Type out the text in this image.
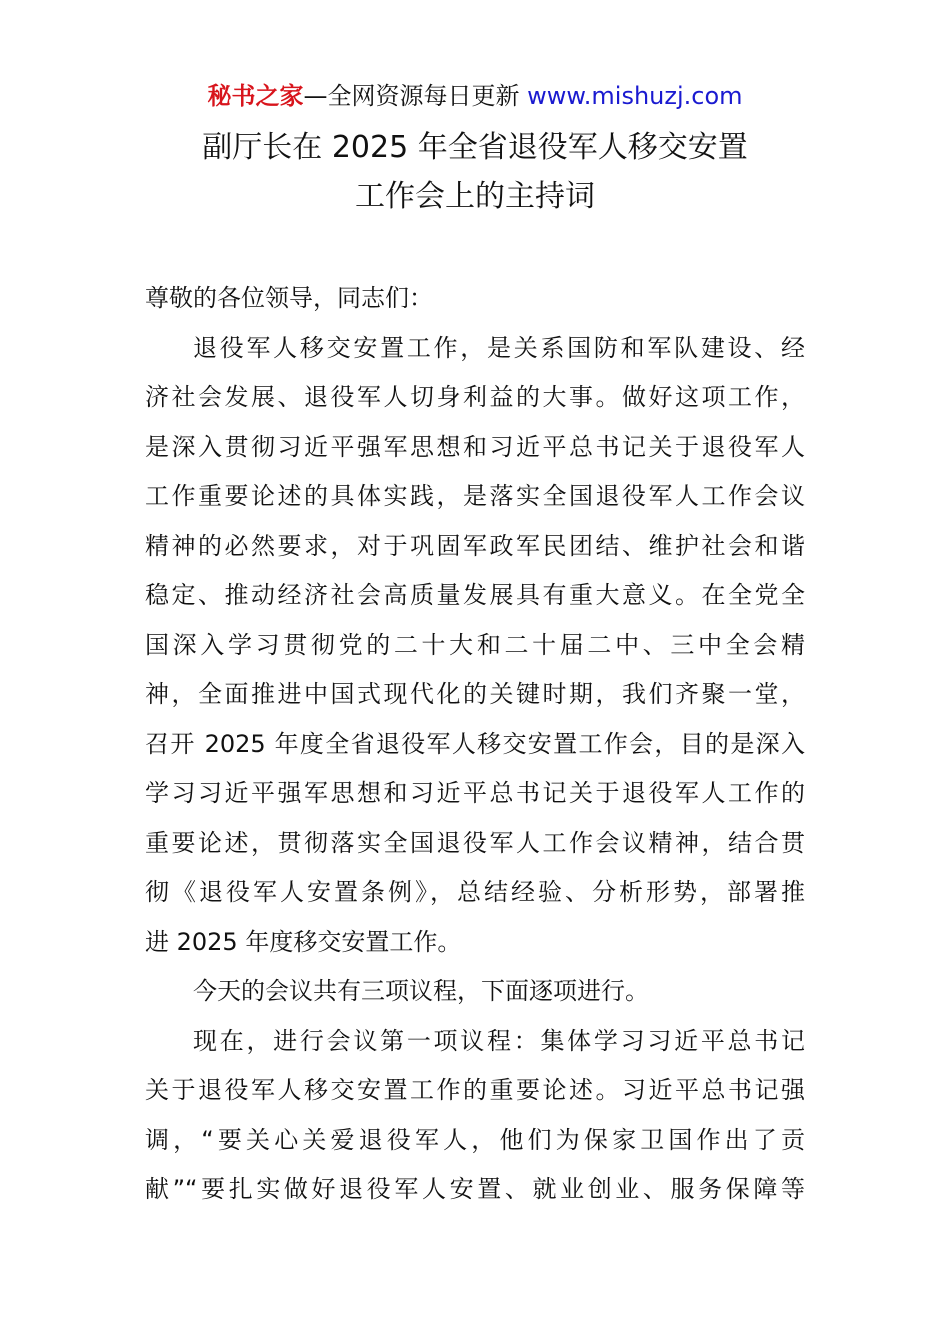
秘书之家—全网资源每日更新 www.mishuzj.com
副厅长在 2025 年全省退役军人移交安置
工作会上的主持词
尊敬的各位领导，同志们：
退役军人移交安置工作，是关系国防和军队建设、经
济社会发展、退役军人切身利益的大事。做好这项工作，
是深入贯彻习近平强军思想和习近平总书记关于退役军人
工作重要论述的具体实践，是落实全国退役军人工作会议
精神的必然要求，对于巩固军政军民团结、维护社会和谐
稳定、推动经济社会高质量发展具有重大意义。在全党全
国深入学习贯彻党的二十大和二十届二中、三中全会精
神，全面推进中国式现代化的关键时期，我们齐聚一堂，
召开 2025 年度全省退役军人移交安置工作会，目的是深入
学习习近平强军思想和习近平总书记关于退役军人工作的
重要论述，贯彻落实全国退役军人工作会议精神，结合贯
彻《退役军人安置条例》，总结经验、分析形势，部署推
进 2025 年度移交安置工作。
今天的会议共有三项议程，下面逐项进行。
现在，进行会议第一项议程：集体学习习近平总书记
关于退役军人移交安置工作的重要论述。习近平总书记强
调，“要关心关爱退役军人，他们为保家卫国作出了贡
献”“要扎实做好退役军人安置、就业创业、服务保障等
